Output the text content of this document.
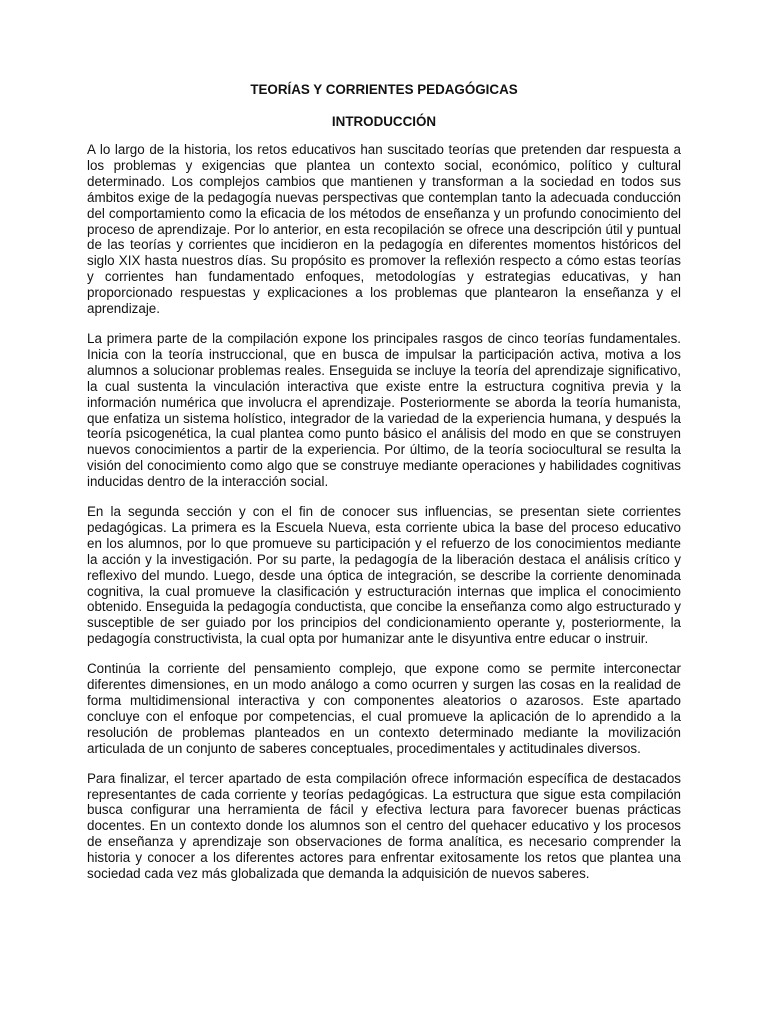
TEORÍAS Y CORRIENTES PEDAGÓGICAS
INTRODUCCIÓN

A lo largo de la historia, los retos educativos han suscitado teorías que pretenden dar respuesta a los problemas y exigencias que plantea un contexto social, económico, político y cultural determinado. Los complejos cambios que mantienen y transforman a la sociedad en todos sus ámbitos exige de la pedagogía nuevas perspectivas que contemplan tanto la adecuada conducción del comportamiento como la eficacia de los métodos de enseñanza y un profundo conocimiento del proceso de aprendizaje. Por lo anterior, en esta recopilación se ofrece una descripción útil y puntual de las teorías y corrientes que incidieron en la pedagogía en diferentes momentos históricos del siglo XIX hasta nuestros días. Su propósito es promover la reflexión respecto a cómo estas teorías y corrientes han fundamentado enfoques, metodologías y estrategias educativas, y han proporcionado respuestas y explicaciones a los problemas que plantearon la enseñanza y el aprendizaje.

La primera parte de la compilación expone los principales rasgos de cinco teorías fundamentales. Inicia con la teoría instruccional, que en busca de impulsar la participación activa, motiva a los alumnos a solucionar problemas reales. Enseguida se incluye la teoría del aprendizaje significativo, la cual sustenta la vinculación interactiva que existe entre la estructura cognitiva previa y la información numérica que involucra el aprendizaje. Posteriormente se aborda la teoría humanista, que enfatiza un sistema holístico, integrador de la variedad de la experiencia humana, y después la teoría psicogenética, la cual plantea como punto básico el análisis del modo en que se construyen nuevos conocimientos a partir de la experiencia. Por último, de la teoría sociocultural se resulta la visión del conocimiento como algo que se construye mediante operaciones y habilidades cognitivas inducidas dentro de la interacción social.

En la segunda sección y con el fin de conocer sus influencias, se presentan siete corrientes pedagógicas. La primera es la Escuela Nueva, esta corriente ubica la base del proceso educativo en los alumnos, por lo que promueve su participación y el refuerzo de los conocimientos mediante la acción y la investigación. Por su parte, la pedagogía de la liberación destaca el análisis crítico y reflexivo del mundo. Luego, desde una óptica de integración, se describe la corriente denominada cognitiva, la cual promueve la clasificación y estructuración internas que implica el conocimiento obtenido. Enseguida la pedagogía conductista, que concibe la enseñanza como algo estructurado y susceptible de ser guiado por los principios del condicionamiento operante y, posteriormente, la pedagogía constructivista, la cual opta por humanizar ante le disyuntiva entre educar o instruir.

Continúa la corriente del pensamiento complejo, que expone como se permite interconectar diferentes dimensiones, en un modo análogo a como ocurren y surgen las cosas en la realidad de forma multidimensional interactiva y con componentes aleatorios o azarosos. Este apartado concluye con el enfoque por competencias, el cual promueve la aplicación de lo aprendido a la resolución de problemas planteados en un contexto determinado mediante la movilización articulada de un conjunto de saberes conceptuales, procedimentales y actitudinales diversos.

Para finalizar, el tercer apartado de esta compilación ofrece información específica de destacados representantes de cada corriente y teorías pedagógicas. La estructura que sigue esta compilación busca configurar una herramienta de fácil y efectiva lectura para favorecer buenas prácticas docentes. En un contexto donde los alumnos son el centro del quehacer educativo y los procesos de enseñanza y aprendizaje son observaciones de forma analítica, es necesario comprender la historia y conocer a los diferentes actores para enfrentar exitosamente los retos que plantea una sociedad cada vez más globalizada que demanda la adquisición de nuevos saberes.
